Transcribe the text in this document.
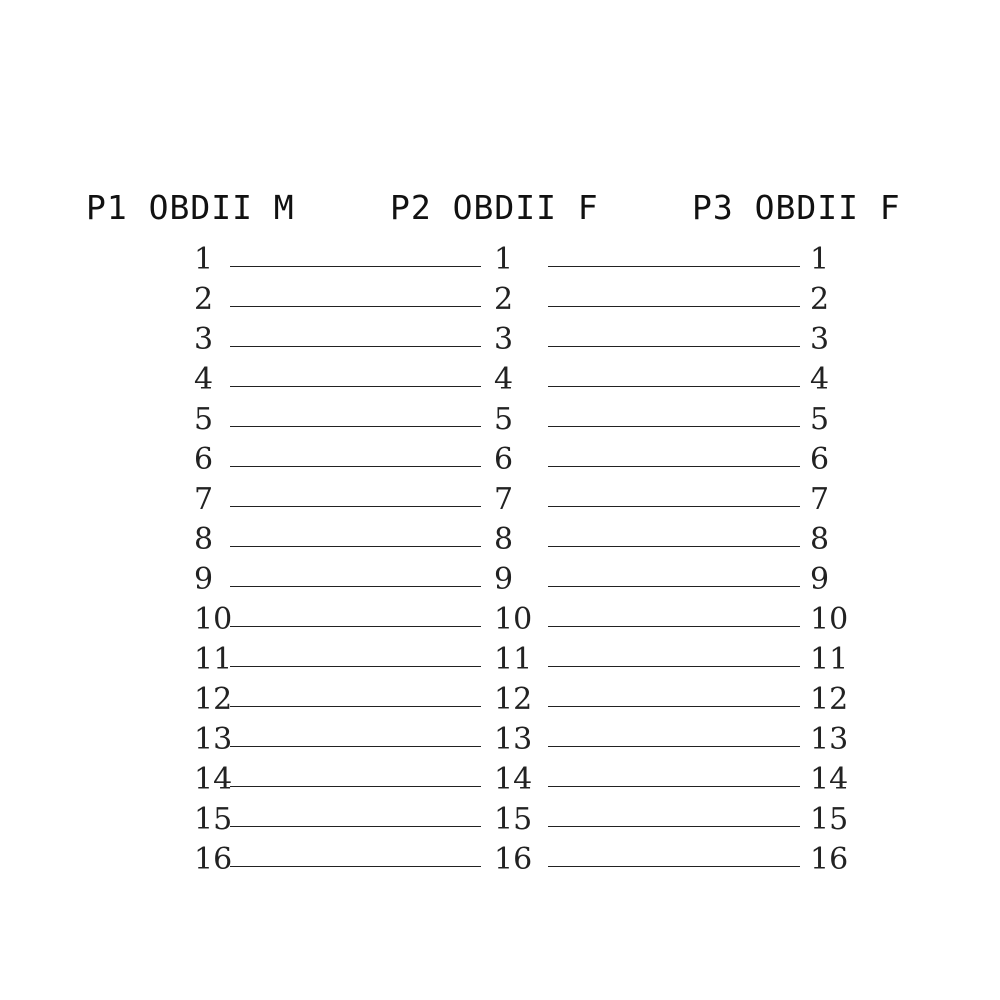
P1 OBDII M	P2 OBDII F	P3 OBDII F
1	1	1
2	2	2
3	3	3
4	4	4
5	5	5
6	6	6
7	7	7
8	8	8
9	9	9
10	10	10
11	11	11
12	12	12
13	13	13
14	14	14
15	15	15
16	16	16
